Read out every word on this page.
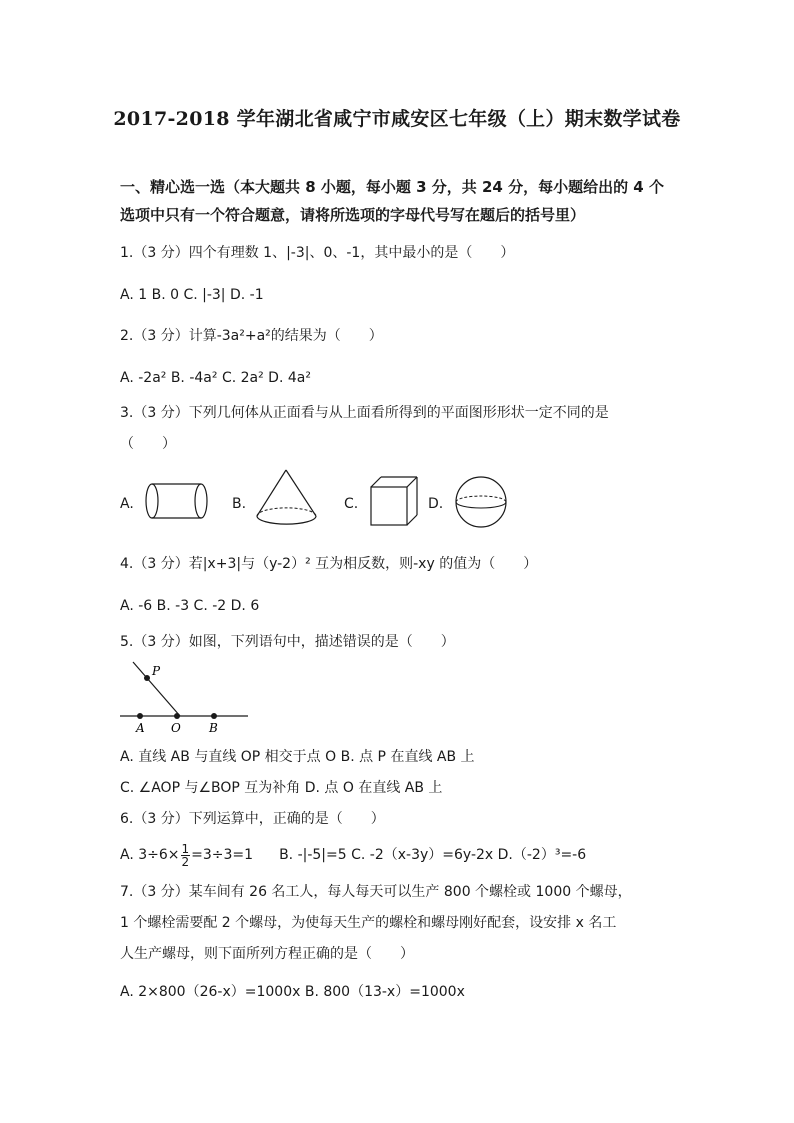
2017-2018 学年湖北省咸宁市咸安区七年级（上）期末数学试卷
一、精心选一选（本大题共 8 小题，每小题 3 分，共 24 分，每小题给出的 4 个
选项中只有一个符合题意，请将所选项的字母代号写在题后的括号里）
1.（3 分）四个有理数 1、|-3|、0、-1，其中最小的是（　　）
A. 1 B. 0 C. |-3| D. -1
2.（3 分）计算-3a²+a²的结果为（　　）
A. -2a² B. -4a² C. 2a² D. 4a²
3.（3 分）下列几何体从正面看与从上面看所得到的平面图形形状一定不同的是
（　　）
A.	B.	C.	D.
4.（3 分）若|x+3|与（y-2）² 互为相反数，则-xy 的值为（　　）
A. -6 B. -3 C. -2 D. 6
5.（3 分）如图，下列语句中，描述错误的是（　　）
P
A O B
A. 直线 AB 与直线 OP 相交于点 O B. 点 P 在直线 AB 上
C. ∠AOP 与∠BOP 互为补角 D. 点 O 在直线 AB 上
6.（3 分）下列运算中，正确的是（　　）
A. $3\div 6\times \frac{1}{2} =3\div 3=1$ B. -|-5|=5 C. -2（x-3y）=6y-2x D.（-2）³=-6
7.（3 分）某车间有 26 名工人，每人每天可以生产 800 个螺栓或 1000 个螺母，
1 个螺栓需要配 2 个螺母，为使每天生产的螺栓和螺母刚好配套，设安排 x 名工
人生产螺母，则下面所列方程正确的是（　　）
A. 2×800（26-x）=1000x B. 800（13-x）=1000x
